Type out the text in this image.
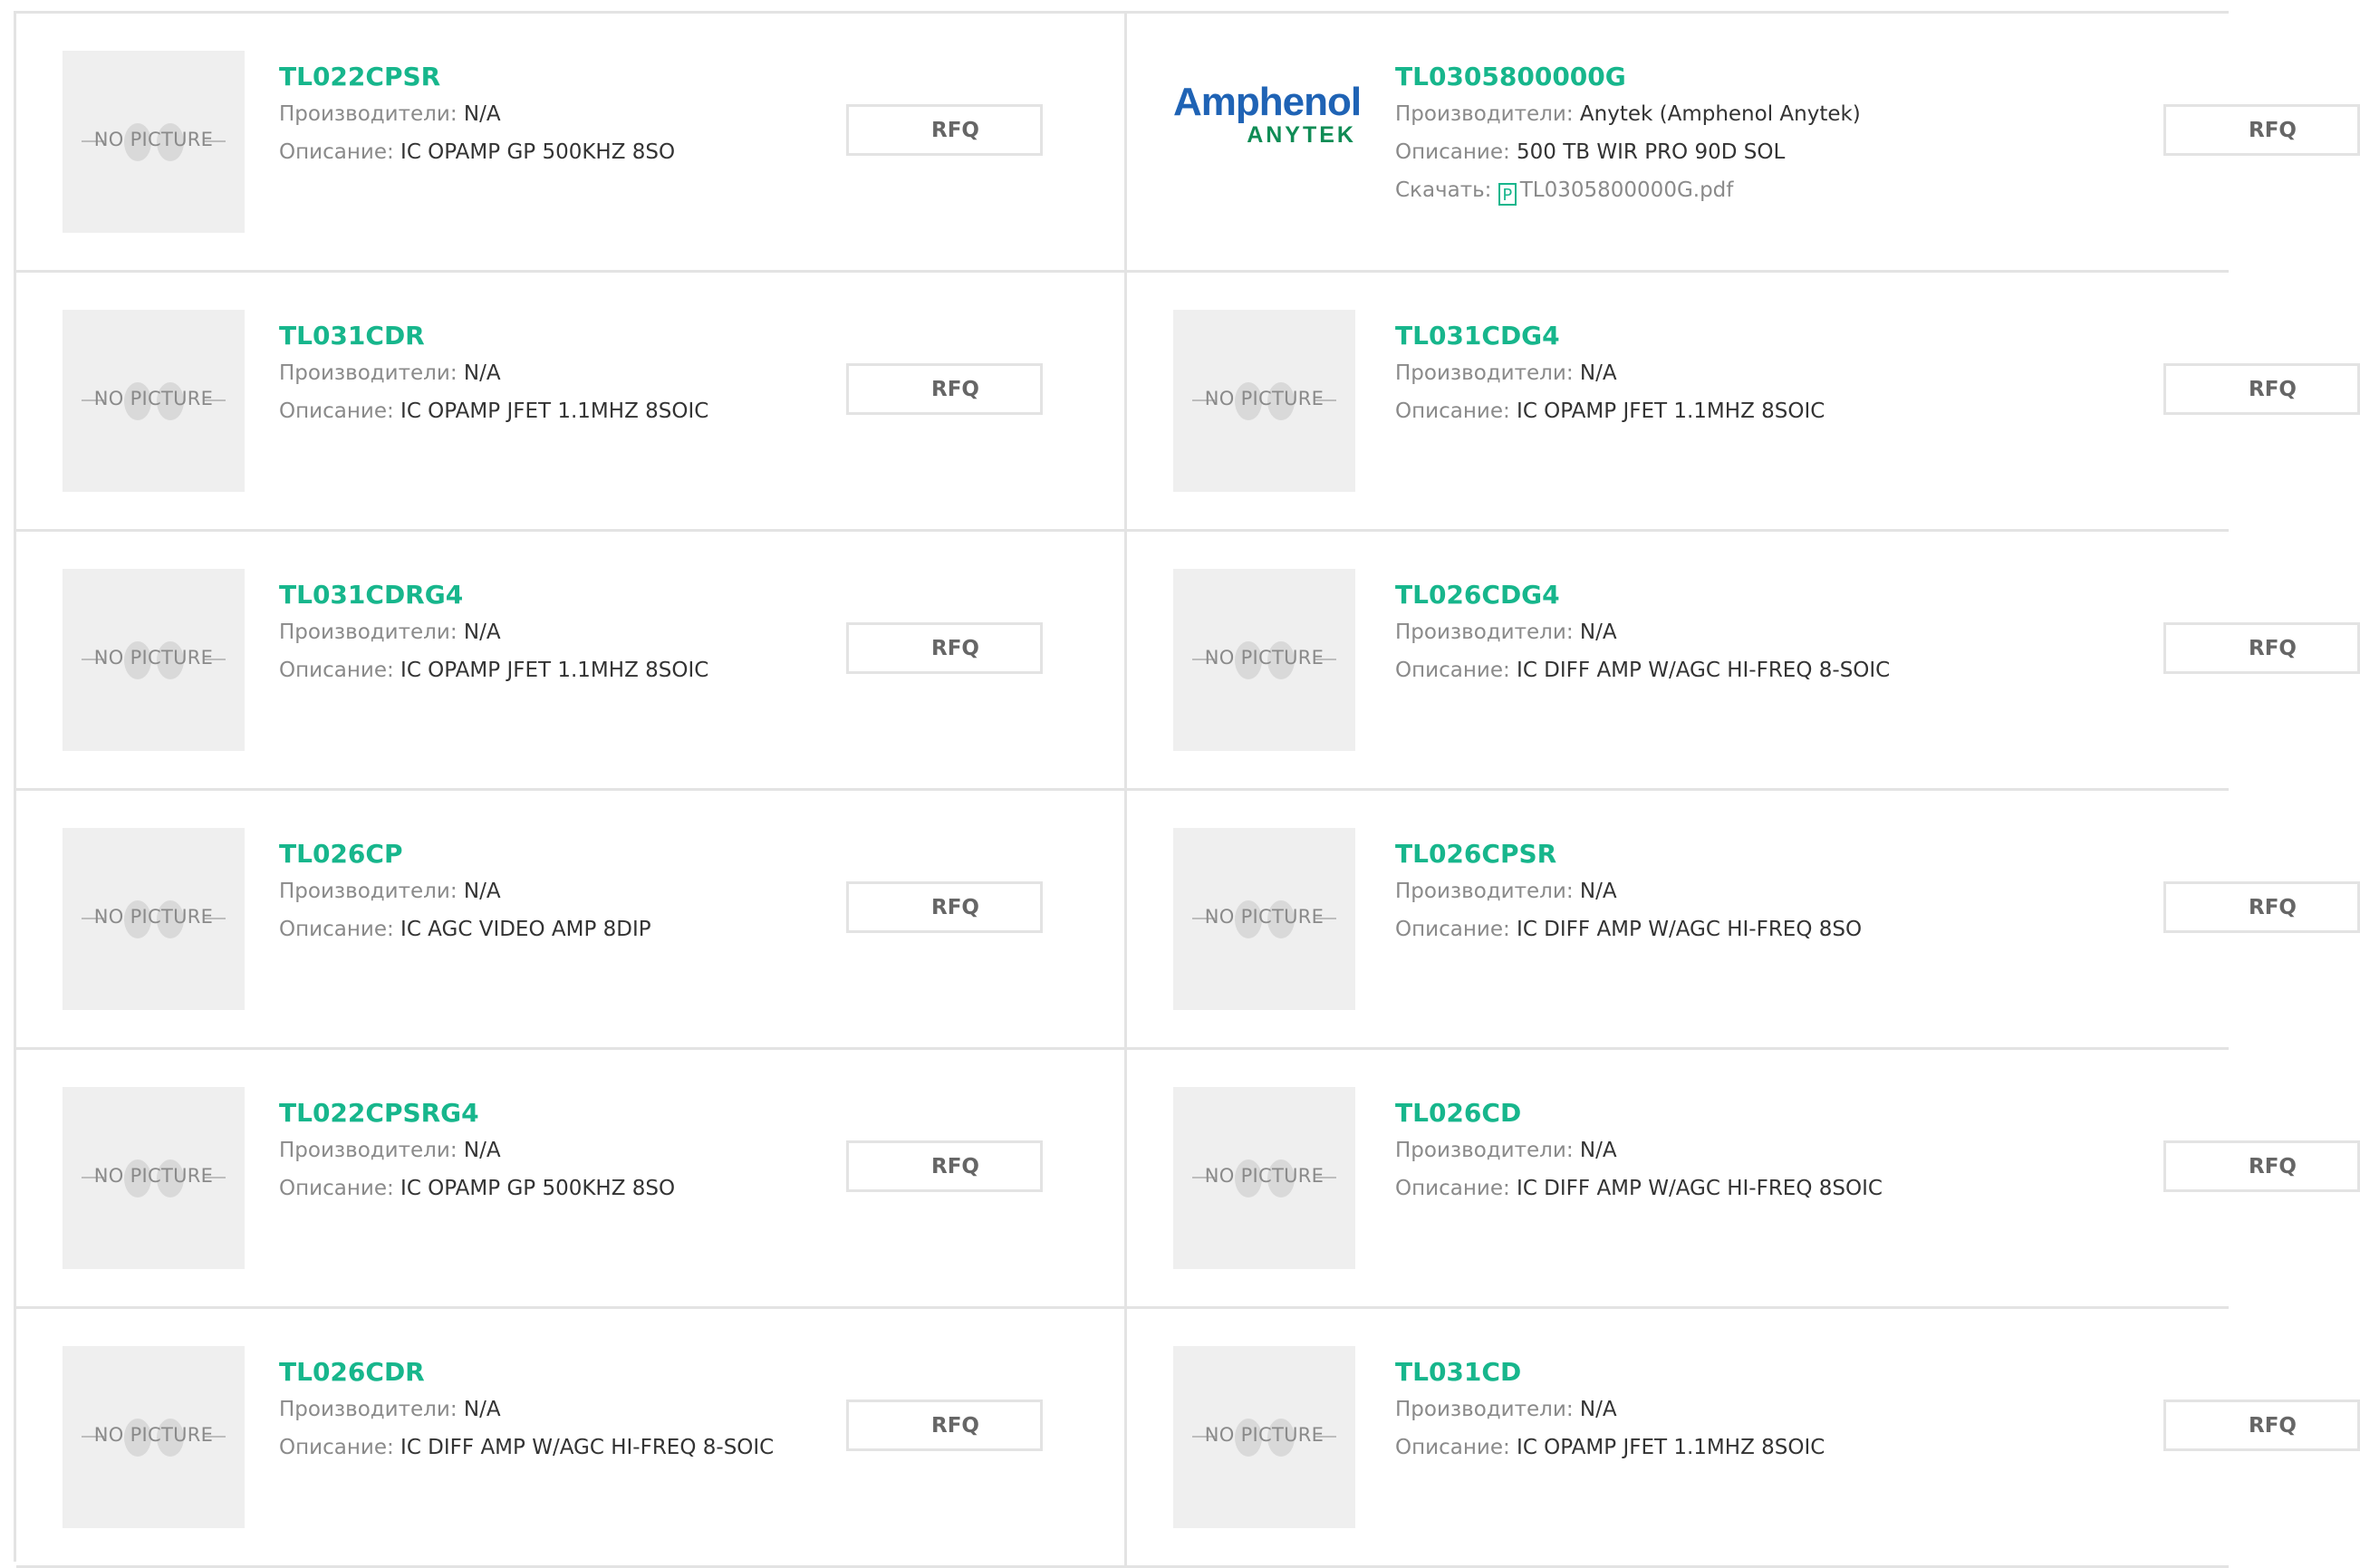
NO PICTURE
TL022CPSR
Производители: N/A
Описание: IC OPAMP GP 500KHZ 8SO
RFQ
Amphenol
ANYTEK
TL0305800000G
Производители: Anytek (Amphenol Anytek)
Описание: 500 TB WIR PRO 90D SOL
Скачать: P TL0305800000G.pdf
RFQ
NO PICTURE
TL031CDR
Производители: N/A
Описание: IC OPAMP JFET 1.1MHZ 8SOIC
RFQ	NO PICTURE
TL031CDG4
Производители: N/A
Описание: IC OPAMP JFET 1.1MHZ 8SOIC
RFQ
NO PICTURE
TL031CDRG4
Производители: N/A
Описание: IC OPAMP JFET 1.1MHZ 8SOIC
RFQ	NO PICTURE
TL026CDG4
Производители: N/A
Описание: IC DIFF AMP W/AGC HI-FREQ 8-SOIC
RFQ
NO PICTURE
TL026CP
Производители: N/A
Описание: IC AGC VIDEO AMP 8DIP
RFQ	NO PICTURE
TL026CPSR
Производители: N/A
Описание: IC DIFF AMP W/AGC HI-FREQ 8SO
RFQ
NO PICTURE
TL022CPSRG4
Производители: N/A
Описание: IC OPAMP GP 500KHZ 8SO
RFQ	NO PICTURE
TL026CD
Производители: N/A
Описание: IC DIFF AMP W/AGC HI-FREQ 8SOIC
RFQ
NO PICTURE
TL026CDR
Производители: N/A
Описание: IC DIFF AMP W/AGC HI-FREQ 8-SOIC
RFQ	NO PICTURE
TL031CD
Производители: N/A
Описание: IC OPAMP JFET 1.1MHZ 8SOIC
RFQ
